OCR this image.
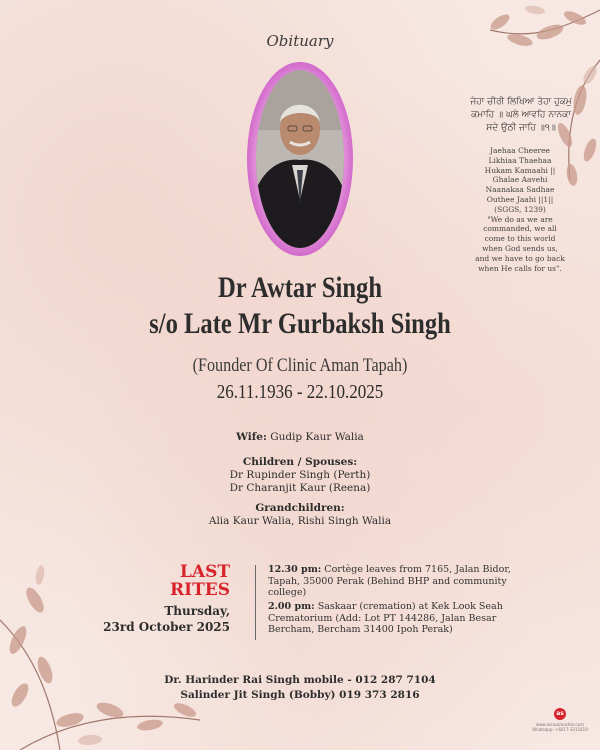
Obituary
ਜੇਹਾ ਚੀਰੀ ਲਿਖਿਆ ਤੇਹਾ ਹੁਕਮੁ ਕਮਾਹਿ ॥ ਘਲੇ ਆਵਹਿ ਨਾਨਕਾ ਸਦੇ ਉਠੀ ਜਾਹਿ ॥੧॥
Jaehaa Cheeree
Likhiaa Thaehaa
Hukam Kamaahi ||
Ghalae Aavehi
Naanakaa Sadhae
Outhee Jaahi ||1||
(SGGS, 1239)
"We do as we are
commanded, we all
come to this world
when God sends us,
and we have to go back
when He calls for us".
Dr Awtar Singh
s/o Late Mr Gurbaksh Singh
(Founder Of Clinic Aman Tapah)
26.11.1936 - 22.10.2025
Wife: Gudip Kaur Walia
Children / Spouses:
Dr Rupinder Singh (Perth)
Dr Charanjit Kaur (Reena)
Grandchildren:
Alia Kaur Walia, Rishi Singh Walia
LAST
RITES
Thursday,
23rd October 2025
12.30 pm: Cortège leaves from 7165, Jalan Bidor, Tapah, 35000 Perak (Behind BHP and community college)
2.00 pm: Saskaar (cremation) at Kek Look Seah Crematorium (Add: Lot PT 144286, Jalan Besar Bercham, Bercham 31400 Ipoh Perak)
Dr. Harinder Rai Singh mobile - 012 287 7104
Salinder Jit Singh (Bobby) 019 373 2816
as
www.asiasamachar.com
Whatsapp: +6017-3211619
